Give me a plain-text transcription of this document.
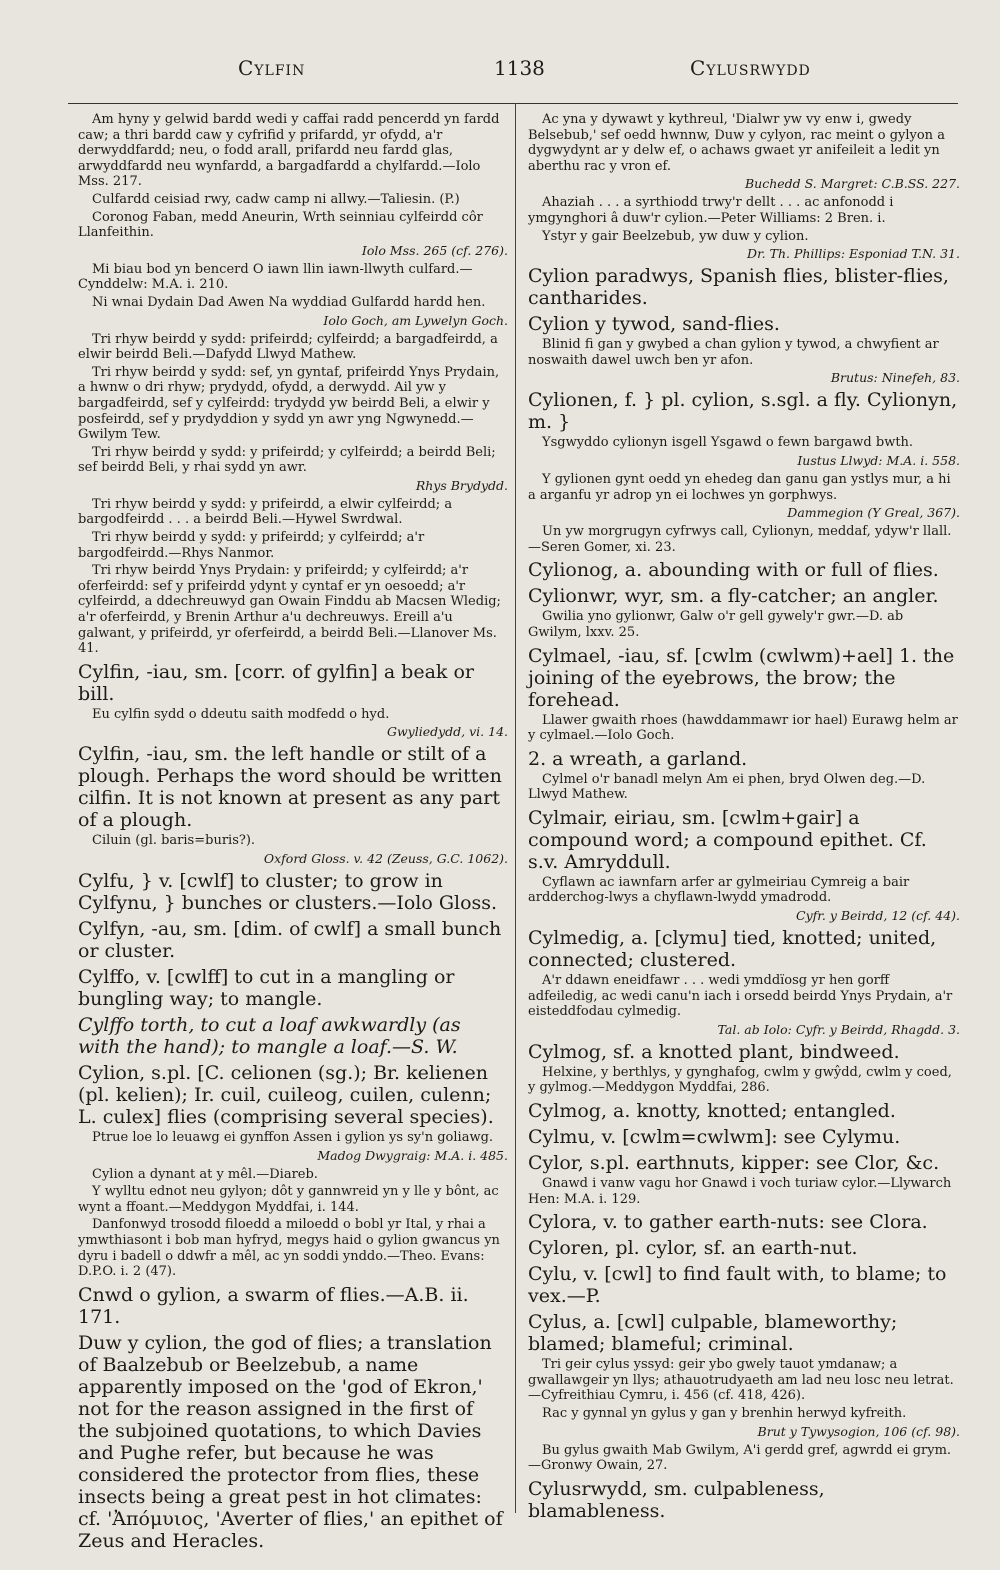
Cylfin	1138	Cylusrwydd

Am hyny y gelwid bardd wedi y caffai radd pencerdd yn fardd caw; a thri bardd caw y cyfrifid y prifardd, yr ofydd, a'r derwyddfardd; neu, o fodd arall, prifardd neu fardd glas, arwyddfardd neu wynfardd, a bargadfardd a chylfardd.—Iolo Mss. 217.

Culfardd ceisiad rwy, cadw camp ni allwy.—Taliesin. (P.)

Coronog Faban, medd Aneurin, Wrth seinniau cylfeirdd côr Llanfeithin.

Iolo Mss. 265 (cf. 276).

Mi biau bod yn bencerd O iawn llin iawn-llwyth culfard.—Cynddelw: M.A. i. 210.

Ni wnai Dydain Dad Awen Na wyddiad Gulfardd hardd hen.

Iolo Goch, am Lywelyn Goch.

Tri rhyw beirdd y sydd: prifeirdd; cylfeirdd; a bargadfeirdd, a elwir beirdd Beli.—Dafydd Llwyd Mathew.

Tri rhyw beirdd y sydd: sef, yn gyntaf, prifeirdd Ynys Prydain, a hwnw o dri rhyw; prydydd, ofydd, a derwydd. Ail yw y bargadfeirdd, sef y cylfeirdd: trydydd yw beirdd Beli, a elwir y posfeirdd, sef y prydyddion y sydd yn awr yng Ngwynedd.—Gwilym Tew.

Tri rhyw beirdd y sydd: y prifeirdd; y cylfeirdd; a beirdd Beli; sef beirdd Beli, y rhai sydd yn awr.

Rhys Brydydd.

Tri rhyw beirdd y sydd: y prifeirdd, a elwir cylfeirdd; a bargodfeirdd . . . a beirdd Beli.—Hywel Swrdwal.

Tri rhyw beirdd y sydd: y prifeirdd; y cylfeirdd; a'r bargodfeirdd.—Rhys Nanmor.

Tri rhyw beirdd Ynys Prydain: y prifeirdd; y cylfeirdd; a'r oferfeirdd: sef y prifeirdd ydynt y cyntaf er yn oesoedd; a'r cylfeirdd, a ddechreuwyd gan Owain Finddu ab Macsen Wledig; a'r oferfeirdd, y Brenin Arthur a'u dechreuwys. Ereill a'u galwant, y prifeirdd, yr oferfeirdd, a beirdd Beli.—Llanover Ms. 41.

Cylfin, -iau, sm. [corr. of gylfin] a beak or bill.

Eu cylfin sydd o ddeutu saith modfedd o hyd.

Gwyliedydd, vi. 14.

Cylfin, -iau, sm. the left handle or stilt of a plough. Perhaps the word should be written cilfin. It is not known at present as any part of a plough.

Ciluin (gl. baris=buris?).

Oxford Gloss. v. 42 (Zeuss, G.C. 1062).

Cylfu, } v. [cwlf] to cluster; to grow in Cylfynu, } bunches or clusters.—Iolo Gloss.

Cylfyn, -au, sm. [dim. of cwlf] a small bunch or cluster.

Cylffo, v. [cwlff] to cut in a mangling or bungling way; to mangle.

Cylffo torth, to cut a loaf awkwardly (as with the hand); to mangle a loaf.—S. W.

Cylion, s.pl. [C. celionen (sg.); Br. kelienen (pl. kelien); Ir. cuil, cuileog, cuilen, culenn; L. culex] flies (comprising several species).

Ptrue loe lo leuawg ei gynffon Assen i gylion ys sy'n goliawg.

Madog Dwygraig: M.A. i. 485.

Cylion a dynant at y mêl.—Diareb.

Y wylltu ednot neu gylyon; dôt y gannwreid yn y lle y bônt, ac wynt a ffoant.—Meddygon Myddfai, i. 144.

Danfonwyd trosodd filoedd a miloedd o bobl yr Ital, y rhai a ymwthiasont i bob man hyfryd, megys haid o gylion gwancus yn dyru i badell o ddwfr a mêl, ac yn soddi ynddo.—Theo. Evans: D.P.O. i. 2 (47).

Cnwd o gylion, a swarm of flies.—A.B. ii. 171.

Duw y cylion, the god of flies; a translation of Baalzebub or Beelzebub, a name apparently imposed on the 'god of Ekron,' not for the reason assigned in the first of the subjoined quotations, to which Davies and Pughe refer, but because he was considered the protector from flies, these insects being a great pest in hot climates: cf. 'Ἀπόμυιος, 'Averter of flies,' an epithet of Zeus and Heracles.

Ac yna y dywawt y kythreul, 'Dialwr yw vy enw i, gwedy Belsebub,' sef oedd hwnnw, Duw y cylyon, rac meint o gylyon a dygwydynt ar y delw ef, o achaws gwaet yr anifeileit a ledit yn aberthu rac y vron ef.

Buchedd S. Margret: C.B.SS. 227.

Ahaziah . . . a syrthiodd trwy'r dellt . . . ac anfonodd i ymgynghori â duw'r cylion.—Peter Williams: 2 Bren. i.

Ystyr y gair Beelzebub, yw duw y cylion.

Dr. Th. Phillips: Esponiad T.N. 31.

Cylion paradwys, Spanish flies, blister-flies, cantharides.

Cylion y tywod, sand-flies.

Blinid fi gan y gwybed a chan gylion y tywod, a chwyfient ar noswaith dawel uwch ben yr afon.

Brutus: Ninefeh, 83.

Cylionen, f. } pl. cylion, s.sgl. a fly. Cylionyn, m. }

Ysgwyddo cylionyn isgell Ysgawd o fewn bargawd bwth.

Iustus Llwyd: M.A. i. 558.

Y gylionen gynt oedd yn ehedeg dan ganu gan ystlys mur, a hi a arganfu yr adrop yn ei lochwes yn gorphwys.

Dammegion (Y Greal, 367).

Un yw morgrugyn cyfrwys call, Cylionyn, meddaf, ydyw'r llall.—Seren Gomer, xi. 23.

Cylionog, a. abounding with or full of flies.

Cylionwr, wyr, sm. a fly-catcher; an angler.

Gwilia yno gylionwr, Galw o'r gell gywely'r gwr.—D. ab Gwilym, lxxv. 25.

Cylmael, -iau, sf. [cwlm (cwlwm)+ael] 1. the joining of the eyebrows, the brow; the forehead.

Llawer gwaith rhoes (hawddammawr ior hael) Eurawg helm ar y cylmael.—Iolo Goch.

2. a wreath, a garland.

Cylmel o'r banadl melyn Am ei phen, bryd Olwen deg.—D. Llwyd Mathew.

Cylmair, eiriau, sm. [cwlm+gair] a compound word; a compound epithet. Cf. s.v. Amryddull.

Cyflawn ac iawnfarn arfer ar gylmeiriau Cymreig a bair ardderchog-lwys a chyflawn-lwydd ymadrodd.

Cyfr. y Beirdd, 12 (cf. 44).

Cylmedig, a. [clymu] tied, knotted; united, connected; clustered.

A'r ddawn eneidfawr . . . wedi ymddïosg yr hen gorff adfeiledig, ac wedi canu'n iach i orsedd beirdd Ynys Prydain, a'r eisteddfodau cylmedig.

Tal. ab Iolo: Cyfr. y Beirdd, Rhagdd. 3.

Cylmog, sf. a knotted plant, bindweed.

Helxine, y berthlys, y gynghafog, cwlm y gwŷdd, cwlm y coed, y gylmog.—Meddygon Myddfai, 286.

Cylmog, a. knotty, knotted; entangled.

Cylmu, v. [cwlm=cwlwm]: see Cylymu.

Cylor, s.pl. earthnuts, kipper: see Clor, &c.

Gnawd i vanw vagu hor Gnawd i voch turiaw cylor.—Llywarch Hen: M.A. i. 129.

Cylora, v. to gather earth-nuts: see Clora.

Cyloren, pl. cylor, sf. an earth-nut.

Cylu, v. [cwl] to find fault with, to blame; to vex.—P.

Cylus, a. [cwl] culpable, blameworthy; blamed; blameful; criminal.

Tri geir cylus yssyd: geir ybo gwely tauot ymdanaw; a gwallawgeir yn llys; athauotrudyaeth am lad neu losc neu letrat.—Cyfreithiau Cymru, i. 456 (cf. 418, 426).

Rac y gynnal yn gylus y gan y brenhin herwyd kyfreith.

Brut y Tywysogion, 106 (cf. 98).

Bu gylus gwaith Mab Gwilym, A'i gerdd gref, agwrdd ei grym.—Gronwy Owain, 27.

Cylusrwydd, sm. culpableness, blamableness.
